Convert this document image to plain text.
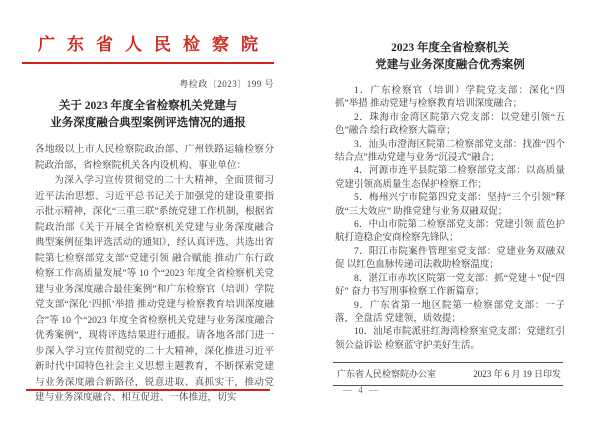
广东省人民检察院
粤检政〔2023〕199 号
关于 2023 年度全省检察机关党建与
业务深度融合典型案例评选情况的通报
各地级以上市人民检察院政治部、广州铁路运输检察分院政治部，省检察院机关各内设机构、事业单位：

为深入学习宣传贯彻党的二十大精神，全面贯彻习近平法治思想、习近平总书记关于加强党的建设重要指示批示精神，深化“三重三联”系统党建工作机制，根据省院政治部《关于开展全省检察机关党建与业务深度融合典型案例征集评选活动的通知》，经认真评选，共选出省院第七检察部党支部“党建引领 融合赋能 推动广东行政检察工作高质量发展”等 10 个“2023 年度全省检察机关党建与业务深度融合最佳案例”和广东检察官（培训）学院党支部“深化‘四抓’举措 推动党建与检察教育培训深度融合”等 10 个“2023 年度全省检察机关党建与业务深度融合优秀案例”，现将评选结果进行通报。请各地各部门进一步深入学习宣传贯彻党的二十大精神，深化推进习近平新时代中国特色社会主义思想主题教育，不断探索党建与业务深度融合新路径，锐意进取、真抓实干，推动党建与业务深度融合、相互促进、一体推进，切实

2023 年度全省检察机关
党建与业务深度融合优秀案例

1．广东检察官（培训）学院党支部：深化“四抓”举措 推动党建与检察教育培训深度融合；

2．珠海市金湾区院第六党支部：以党建引领“五色”融合 绘行政检察大篇章；

3．汕头市澄海区院第二检察部党支部：找准“四个结合点”推动党建与业务“沉浸式”融合；

4．河源市连平县院第二检察部党支部：以高质量党建引领高质量生态保护检察工作；

5．梅州兴宁市院第四党支部：坚持“三个引领”释放“三大效应” 助推党建与业务双融双促；

6．中山市院第二检察部党支部：党建引领 蓝色护航打造稳企安商检察先锋队；

7．阳江市院案件管理室党支部：党建业务双融双促 以红色血脉传递司法救助检察温度；

8．湛江市赤坎区院第一党支部：抓“党建＋”促“四好” 奋力书写刑事检察工作新篇章；

9．广东省第一地区院第一检察部党支部：一子落，全盘活 党建领，质效提；

10．汕尾市院派驻红海湾检察室党支部：党建红引领公益诉讼 检察蓝守护美好生活。

广东省人民检察院办公室	2023 年 6 月 19 日印发
— 4 —
